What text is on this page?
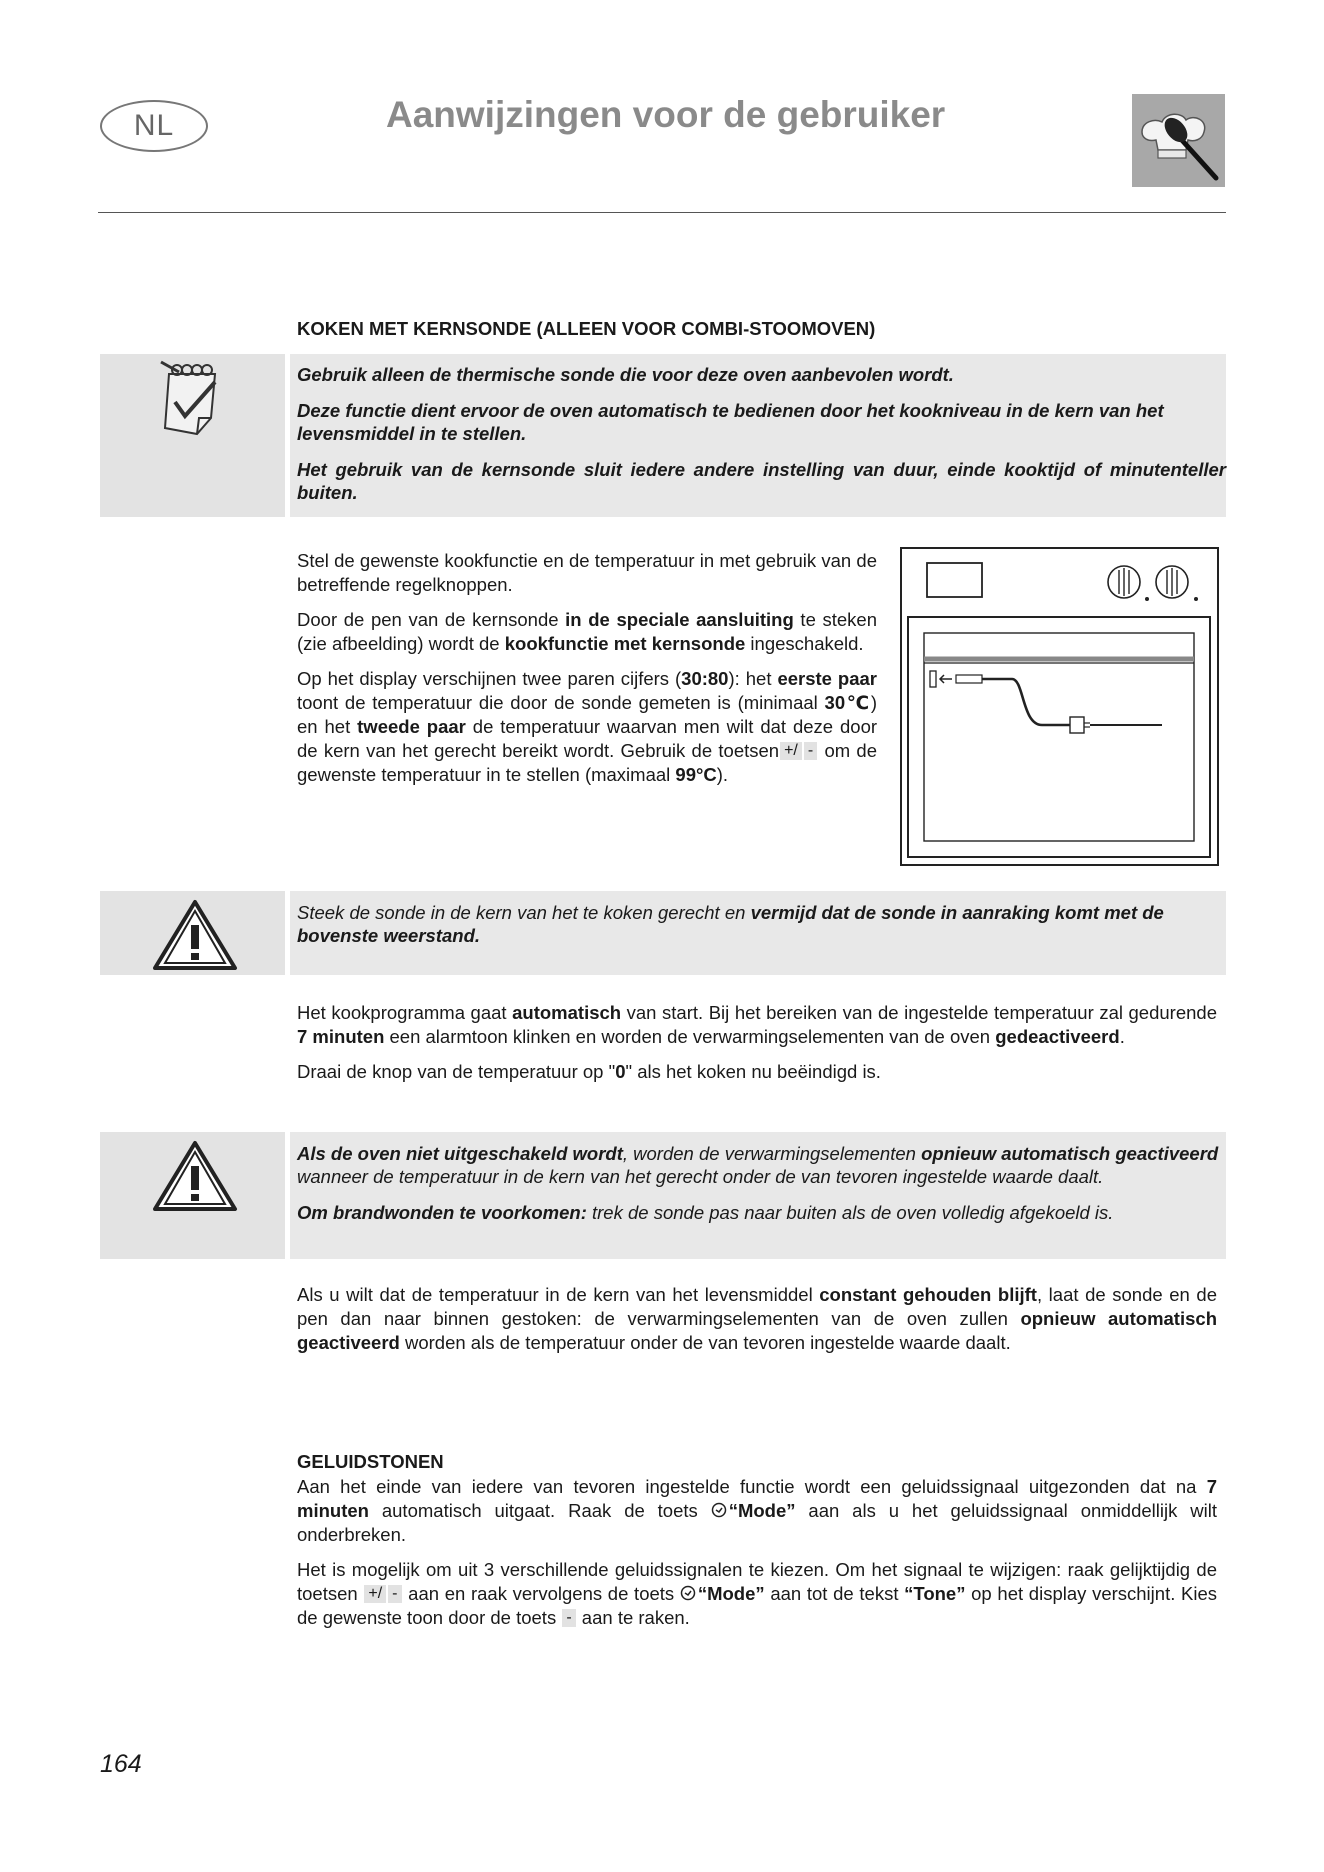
NL	Aanwijzingen voor de gebruiker
KOKEN MET KERNSONDE (ALLEEN VOOR COMBI-STOOMOVEN)

Gebruik alleen de thermische sonde die voor deze oven aanbevolen wordt.

Deze functie dient ervoor de oven automatisch te bedienen door het kookniveau in de kern van het levensmiddel in te stellen.

Het gebruik van de kernsonde sluit iedere andere instelling van duur, einde kooktijd of minutenteller buiten.

Stel de gewenste kookfunctie en de temperatuur in met gebruik van de betreffende regelknoppen.

Door de pen van de kernsonde in de speciale aansluiting te steken (zie afbeelding) wordt de kookfunctie met kernsonde ingeschakeld.

Op het display verschijnen twee paren cijfers (30:80): het eerste paar toont de temperatuur die door de sonde gemeten is (minimaal 30℃) en het tweede paar de temperatuur waarvan men wilt dat deze door de kern van het gerecht bereikt wordt. Gebruik de toetsen +/ - om de gewenste temperatuur in te stellen (maximaal 99°C).

Steek de sonde in de kern van het te koken gerecht en vermijd dat de sonde in aanraking komt met de bovenste weerstand.

Het kookprogramma gaat automatisch van start. Bij het bereiken van de ingestelde temperatuur zal gedurende 7 minuten een alarmtoon klinken en worden de verwarmingselementen van de oven gedeactiveerd.

Draai de knop van de temperatuur op "0" als het koken nu beëindigd is.

Als de oven niet uitgeschakeld wordt, worden de verwarmingselementen opnieuw automatisch geactiveerd wanneer de temperatuur in de kern van het gerecht onder de van tevoren ingestelde waarde daalt.

Om brandwonden te voorkomen: trek de sonde pas naar buiten als de oven volledig afgekoeld is.

Als u wilt dat de temperatuur in de kern van het levensmiddel constant gehouden blijft, laat de sonde en de pen dan naar binnen gestoken: de verwarmingselementen van de oven zullen opnieuw automatisch geactiveerd worden als de temperatuur onder de van tevoren ingestelde waarde daalt.

GELUIDSTONEN

Aan het einde van iedere van tevoren ingestelde functie wordt een geluidssignaal uitgezonden dat na 7 minuten automatisch uitgaat. Raak de toets “Mode” aan als u het geluidssignaal onmiddellijk wilt onderbreken.

Het is mogelijk om uit 3 verschillende geluidssignalen te kiezen. Om het signaal te wijzigen: raak gelijktijdig de toetsen +/ - aan en raak vervolgens de toets “Mode” aan tot de tekst “Tone” op het display verschijnt. Kies de gewenste toon door de toets - aan te raken.

164
